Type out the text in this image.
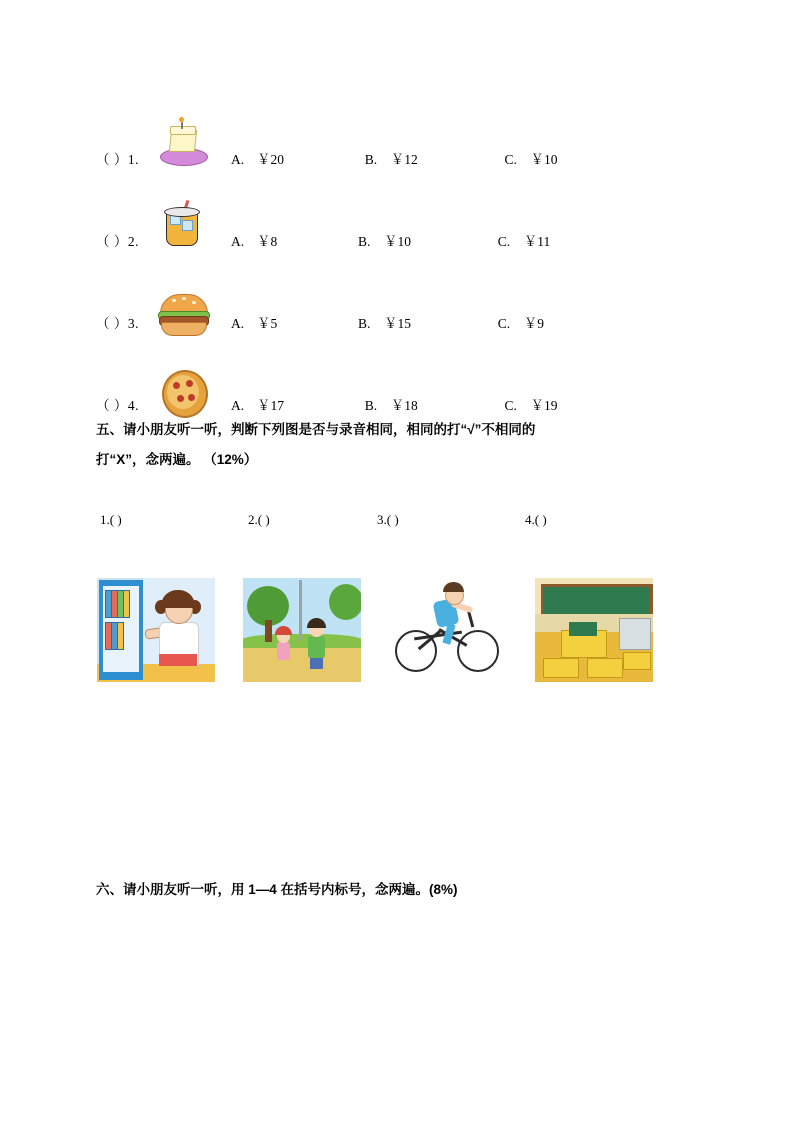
（ ）1.	A. ￥20	B. ￥12	C. ￥10
（ ）2.	A. ￥8	B. ￥10	C. ￥11
（ ）3.	A. ￥5	B. ￥15	C. ￥9
（ ）4.	A. ￥17	B. ￥18	C. ￥19
五、请小朋友听一听，判断下列图是否与录音相同，相同的打“√”不相同的
打“X”，念两遍。 （12%）
1.( )	2.( )	3.( )	4.( )
六、请小朋友听一听，用 1—4 在括号内标号，念两遍。(8%)
